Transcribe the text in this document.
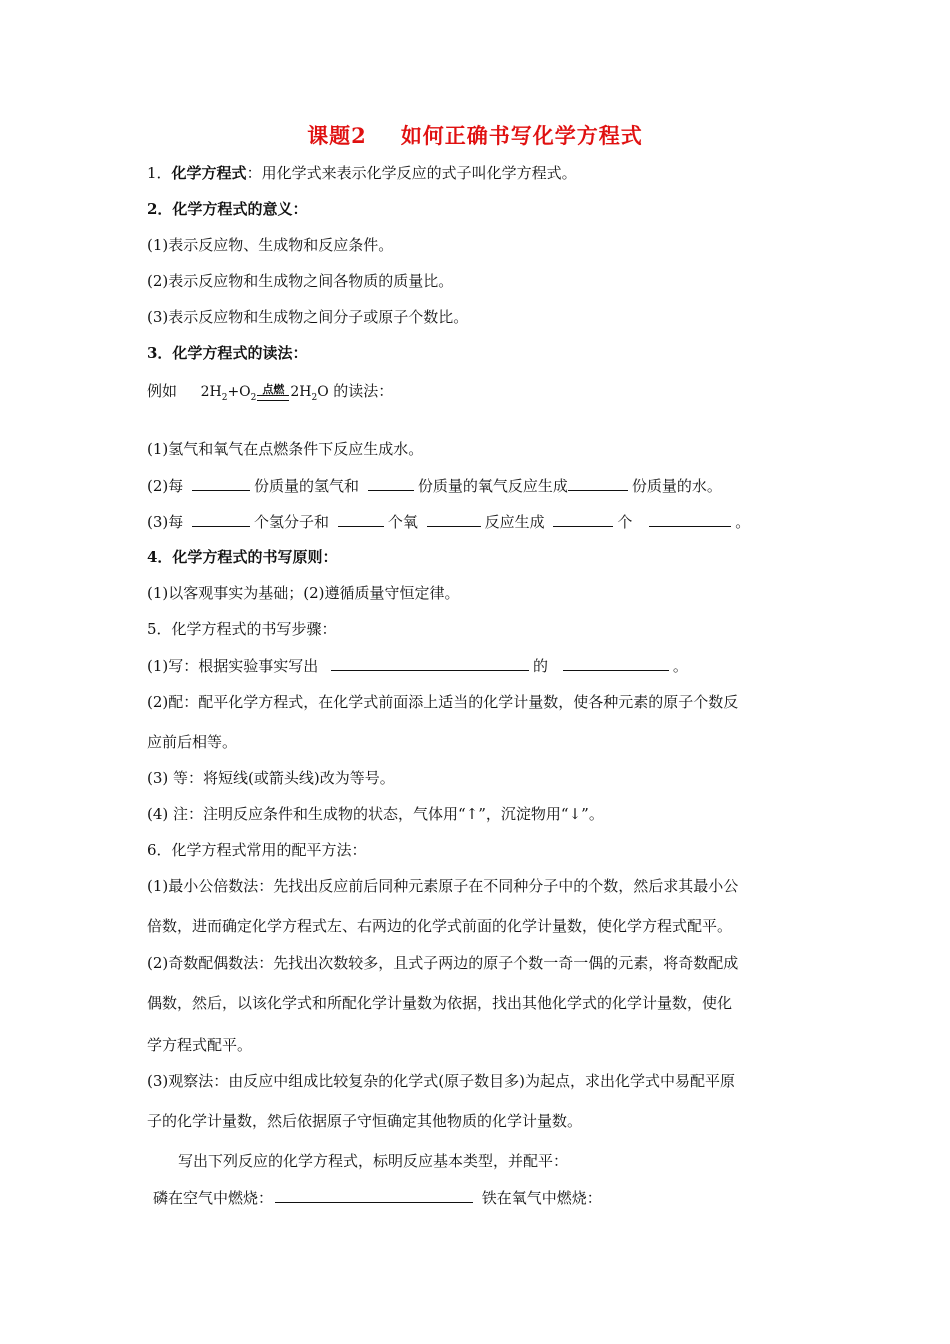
课题2 如何正确书写化学方程式
1．化学方程式：用化学式来表示化学反应的式子叫化学方程式。
2．化学方程式的意义：
(1)表示反应物、生成物和反应条件。
(2)表示反应物和生成物之间各物质的质量比。
(3)表示反应物和生成物之间分子或原子个数比。
3．化学方程式的读法：
例如 $2H_2+O_2$
点燃 $2H_2O$ 的读法：
(1)氢气和氧气在点燃条件下反应生成水。
(2)每	份质量的氢气和	份质量的氧气反应生成	份质量的水。
(3)每	个氢分子和	个氧	反应生成	个	。
4．化学方程式的书写原则：
(1)以客观事实为基础；(2)遵循质量守恒定律。
5．化学方程式的书写步骤：
(1)写：根据实验事实写出	的	。
(2)配：配平化学方程式，在化学式前面添上适当的化学计量数，使各种元素的原子个数反
应前后相等。
(3) 等：将短线(或箭头线)改为等号。
(4) 注：注明反应条件和生成物的状态，气体用“↑”，沉淀物用“↓”。
6．化学方程式常用的配平方法：
(1)最小公倍数法：先找出反应前后同种元素原子在不同种分子中的个数，然后求其最小公
倍数，进而确定化学方程式左、右两边的化学式前面的化学计量数，使化学方程式配平。
(2)奇数配偶数法：先找出次数较多，且式子两边的原子个数一奇一偶的元素，将奇数配成
偶数，然后，以该化学式和所配化学计量数为依据，找出其他化学式的化学计量数，使化
学方程式配平。
(3)观察法：由反应中组成比较复杂的化学式(原子数目多)为起点，求出化学式中易配平原
子的化学计量数，然后依据原子守恒确定其他物质的化学计量数。
写出下列反应的化学方程式，标明反应基本类型，并配平：
磷在空气中燃烧：	铁在氧气中燃烧：
